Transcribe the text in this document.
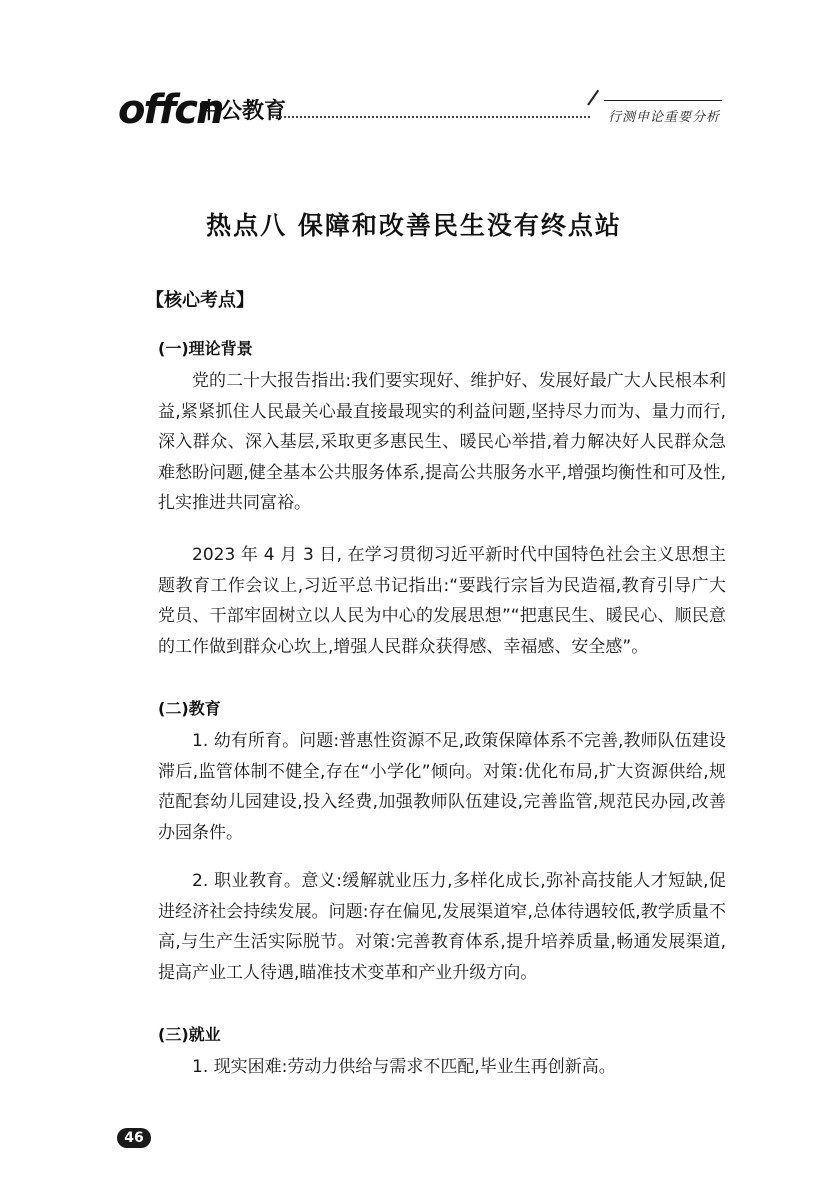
offcn
中公教育	行测申论重要分析
热点八 保障和改善民生没有终点站
【核心考点】
(一)理论背景

党的二十大报告指出:我们要实现好、维护好、发展好最广大人民根本利益,紧紧抓住人民最关心最直接最现实的利益问题,坚持尽力而为、量力而行,深入群众、深入基层,采取更多惠民生、暖民心举措,着力解决好人民群众急难愁盼问题,健全基本公共服务体系,提高公共服务水平,增强均衡性和可及性,扎实推进共同富裕。

2023 年 4 月 3 日, 在学习贯彻习近平新时代中国特色社会主义思想主题教育工作会议上,习近平总书记指出:“要践行宗旨为民造福,教育引导广大党员、干部牢固树立以人民为中心的发展思想”“把惠民生、暖民心、顺民意的工作做到群众心坎上,增强人民群众获得感、幸福感、安全感”。

(二)教育

1. 幼有所育。问题:普惠性资源不足,政策保障体系不完善,教师队伍建设滞后,监管体制不健全,存在“小学化”倾向。对策:优化布局,扩大资源供给,规范配套幼儿园建设,投入经费,加强教师队伍建设,完善监管,规范民办园,改善办园条件。

2. 职业教育。意义:缓解就业压力,多样化成长,弥补高技能人才短缺,促进经济社会持续发展。问题:存在偏见,发展渠道窄,总体待遇较低,教学质量不高,与生产生活实际脱节。对策:完善教育体系,提升培养质量,畅通发展渠道,提高产业工人待遇,瞄准技术变革和产业升级方向。

(三)就业

1. 现实困难:劳动力供给与需求不匹配,毕业生再创新高。

46
